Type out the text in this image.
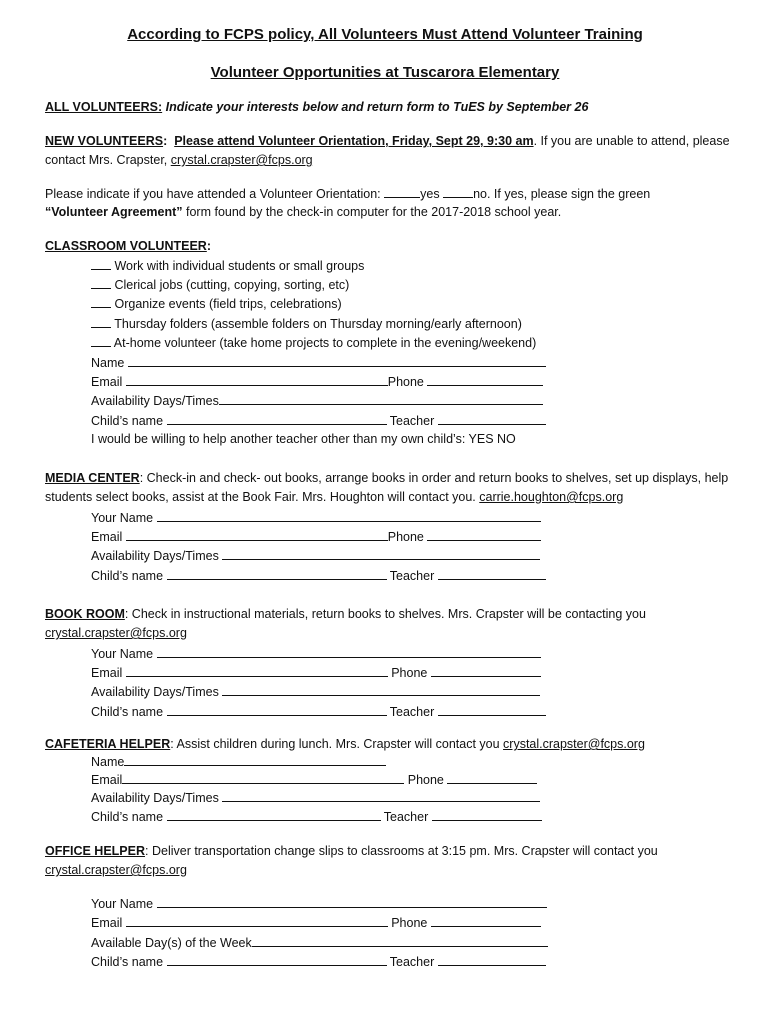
According to FCPS policy, All Volunteers Must Attend Volunteer Training
Volunteer Opportunities at Tuscarora Elementary
ALL VOLUNTEERS: Indicate your interests below and return form to TuES by September 26
NEW VOLUNTEERS: Please attend Volunteer Orientation, Friday, Sept 29, 9:30 am. If you are unable to attend, please
contact Mrs. Crapster, crystal.crapster@fcps.org
Please indicate if you have attended a Volunteer Orientation:	yes no. If yes, please sign the green
“Volunteer Agreement” form found by the check-in computer for the 2017-2018 school year.
CLASSROOM VOLUNTEER:
Work with individual students or small groups
Clerical jobs (cutting, copying, sorting, etc)
Organize events (field trips, celebrations)
Thursday folders (assemble folders on Thursday morning/early afternoon)
At-home volunteer (take home projects to complete in the evening/weekend)
Name
Email	Phone
Availability Days/Times
Child’s name	Teacher
I would be willing to help another teacher other than my own child’s: YES NO
MEDIA CENTER: Check-in and check- out books, arrange books in order and return books to shelves, set up displays, help
students select books, assist at the Book Fair. Mrs. Houghton will contact you. carrie.houghton@fcps.org
Your Name
Email	Phone
Availability Days/Times
Child’s name	Teacher
BOOK ROOM: Check in instructional materials, return books to shelves. Mrs. Crapster will be contacting you
crystal.crapster@fcps.org
Your Name
Email	Phone
Availability Days/Times
Child’s name	Teacher
CAFETERIA HELPER: Assist children during lunch. Mrs. Crapster will contact you crystal.crapster@fcps.org
Name
Email	Phone
Availability Days/Times
Child’s name	Teacher
OFFICE HELPER: Deliver transportation change slips to classrooms at 3:15 pm. Mrs. Crapster will contact you
crystal.crapster@fcps.org
Your Name
Email	Phone
Available Day(s) of the Week
Child’s name	Teacher
